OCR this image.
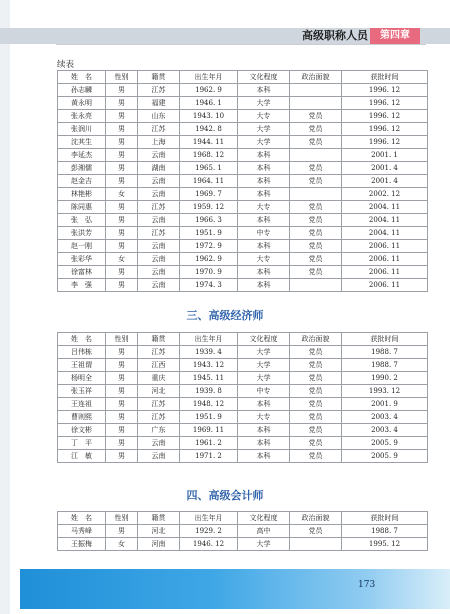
高级职称人员	第四章
续表
姓　名	性别	籍贯	出生年月	文化程度	政治面貌	获批时间
孙志麟	男	江苏	1962. 9	本科		1996. 12
黄永明	男	福建	1946. 1	大学		1996. 12
张永亮	男	山东	1943. 10	大专	党员	1996. 12
张润川	男	江苏	1942. 8	大学	党员	1996. 12
沈其生	男	上海	1944. 11	大学	党员	1996. 12
李延杰	男	云南	1968. 12	本科		2001. 1
彭湘儒	男	湖南	1965. 1	本科	党员	2001. 4
赵金吉	男	云南	1964. 11	本科	党员	2001. 4
林艳彬	女	云南	1969. 7	本科		2002. 12
陈同惠	男	江苏	1959. 12	大专	党员	2004. 11
张　弘	男	云南	1966. 3	本科	党员	2004. 11
张洪芳	男	江苏	1951. 9	中专	党员	2004. 11
赵一刚	男	云南	1972. 9	本科	党员	2006. 11
张彩华	女	云南	1962. 9	大专	党员	2006. 11
徐富林	男	云南	1970. 9	本科	党员	2006. 11
李　强	男	云南	1974. 3	本科		2006. 11
三、高级经济师
姓　名	性别	籍贯	出生年月	文化程度	政治面貌	获批时间
吕伟栋	男	江苏	1939. 4	大学	党员	1988. 7
王祖谓	男	江西	1943. 12	大学	党员	1988. 7
杨明全	男	重庆	1945. 11	大学	党员	1990. 2
张玉祥	男	河北	1939. 8	中专	党员	1993. 12
王连祖	男	江苏	1948. 12	本科	党员	2001. 9
曹则熙	男	江苏	1951. 9	大专	党员	2003. 4
徐文彬	男	广东	1969. 11	本科	党员	2003. 4
丁　平	男	云南	1961. 2	本科	党员	2005. 9
江　敏	男	云南	1971. 2	本科	党员	2005. 9
四、高级会计师
姓　名	性别	籍贯	出生年月	文化程度	政治面貌	获批时间
马秀峰	男	河北	1929. 2	高中	党员	1988. 7
王振梅	女	河南	1946. 12	大学		1995. 12
173
